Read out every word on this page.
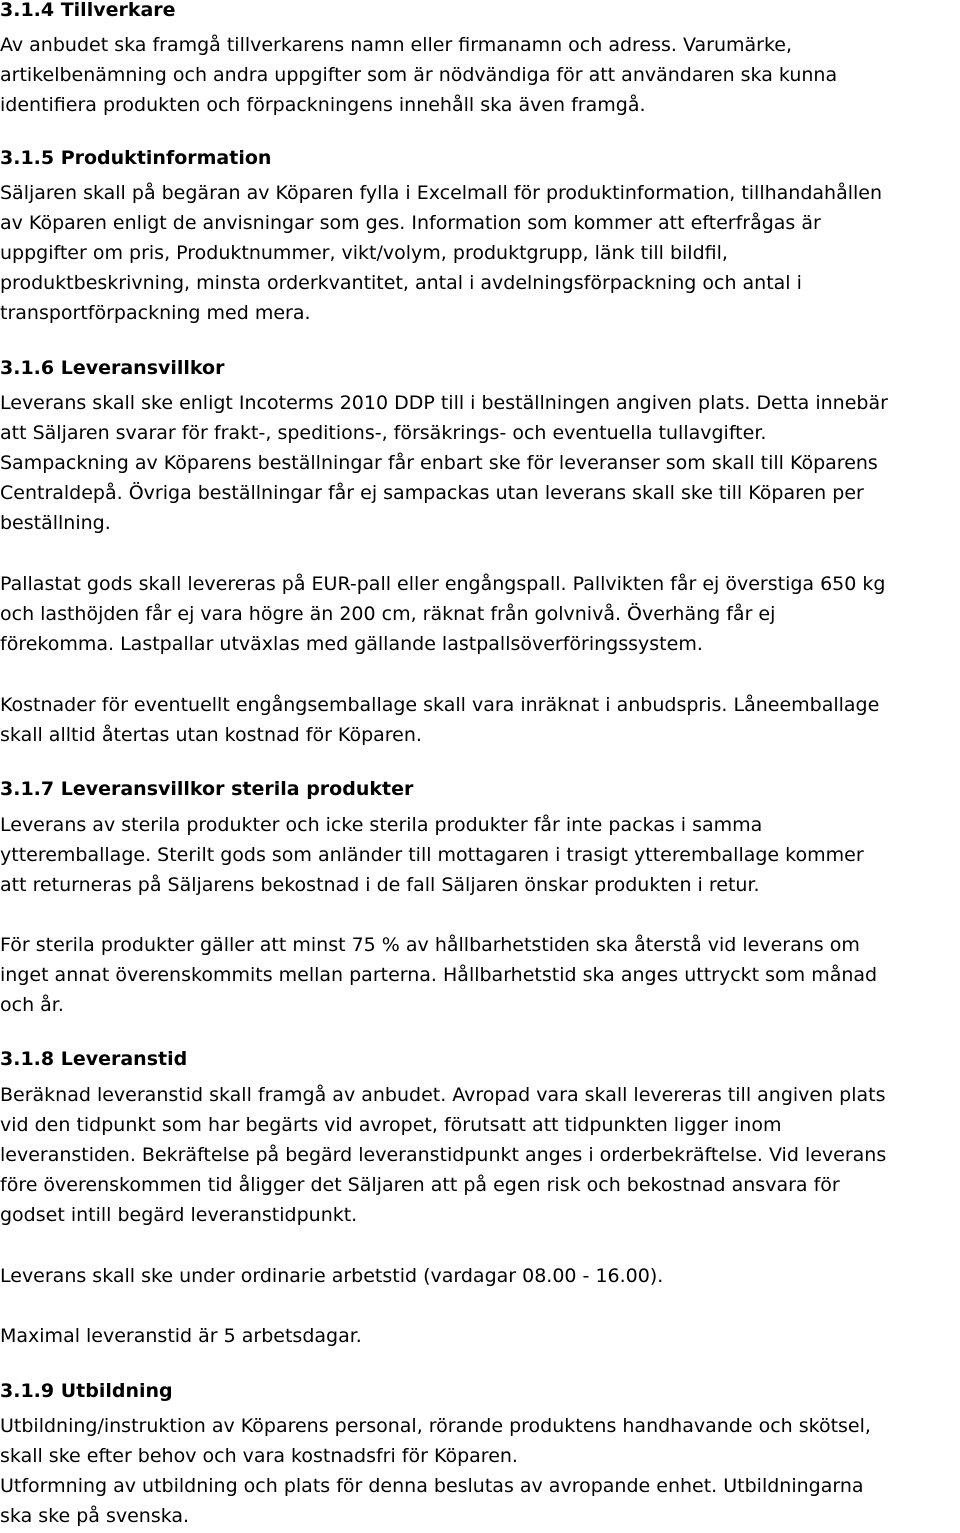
3.1.4 Tillverkare
Av anbudet ska framgå tillverkarens namn eller firmanamn och adress. Varumärke,
artikelbenämning och andra uppgifter som är nödvändiga för att användaren ska kunna
identifiera produkten och förpackningens innehåll ska även framgå.
3.1.5 Produktinformation
Säljaren skall på begäran av Köparen fylla i Excelmall för produktinformation, tillhandahållen
av Köparen enligt de anvisningar som ges. Information som kommer att efterfrågas är
uppgifter om pris, Produktnummer, vikt/volym, produktgrupp, länk till bildfil,
produktbeskrivning, minsta orderkvantitet, antal i avdelningsförpackning och antal i
transportförpackning med mera.
3.1.6 Leveransvillkor
Leverans skall ske enligt Incoterms 2010 DDP till i beställningen angiven plats. Detta innebär
att Säljaren svarar för frakt-, speditions-, försäkrings- och eventuella tullavgifter.
Sampackning av Köparens beställningar får enbart ske för leveranser som skall till Köparens
Centraldepå. Övriga beställningar får ej sampackas utan leverans skall ske till Köparen per
beställning.
Pallastat gods skall levereras på EUR-pall eller engångspall. Pallvikten får ej överstiga 650 kg
och lasthöjden får ej vara högre än 200 cm, räknat från golvnivå. Överhäng får ej
förekomma. Lastpallar utväxlas med gällande lastpallsöverföringssystem.
Kostnader för eventuellt engångsemballage skall vara inräknat i anbudspris. Låneemballage
skall alltid återtas utan kostnad för Köparen.
3.1.7 Leveransvillkor sterila produkter
Leverans av sterila produkter och icke sterila produkter får inte packas i samma
ytteremballage. Sterilt gods som anländer till mottagaren i trasigt ytteremballage kommer
att returneras på Säljarens bekostnad i de fall Säljaren önskar produkten i retur.
För sterila produkter gäller att minst 75 % av hållbarhetstiden ska återstå vid leverans om
inget annat överenskommits mellan parterna. Hållbarhetstid ska anges uttryckt som månad
och år.
3.1.8 Leveranstid
Beräknad leveranstid skall framgå av anbudet. Avropad vara skall levereras till angiven plats
vid den tidpunkt som har begärts vid avropet, förutsatt att tidpunkten ligger inom
leveranstiden. Bekräftelse på begärd leveranstidpunkt anges i orderbekräftelse. Vid leverans
före överenskommen tid åligger det Säljaren att på egen risk och bekostnad ansvara för
godset intill begärd leveranstidpunkt.
Leverans skall ske under ordinarie arbetstid (vardagar 08.00 - 16.00).
Maximal leveranstid är 5 arbetsdagar.
3.1.9 Utbildning
Utbildning/instruktion av Köparens personal, rörande produktens handhavande och skötsel,
skall ske efter behov och vara kostnadsfri för Köparen.
Utformning av utbildning och plats för denna beslutas av avropande enhet. Utbildningarna
ska ske på svenska.
